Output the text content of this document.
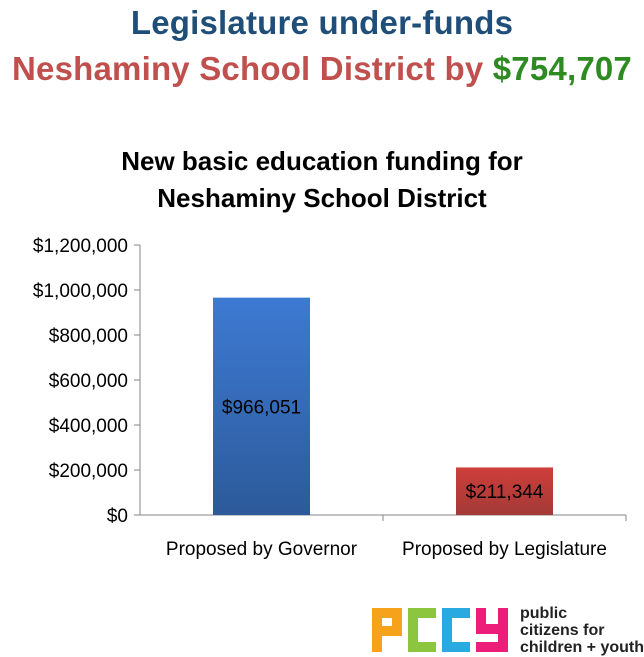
Legislature under-funds
Neshaminy School District by $754,707
New basic education funding for
Neshaminy School District
$0
$200,000
$400,000
$600,000
$800,000
$1,000,000
$1,200,000
$966,051
Proposed by Governor
$211,344
Proposed by Legislature
public
citizens for
children + youth
